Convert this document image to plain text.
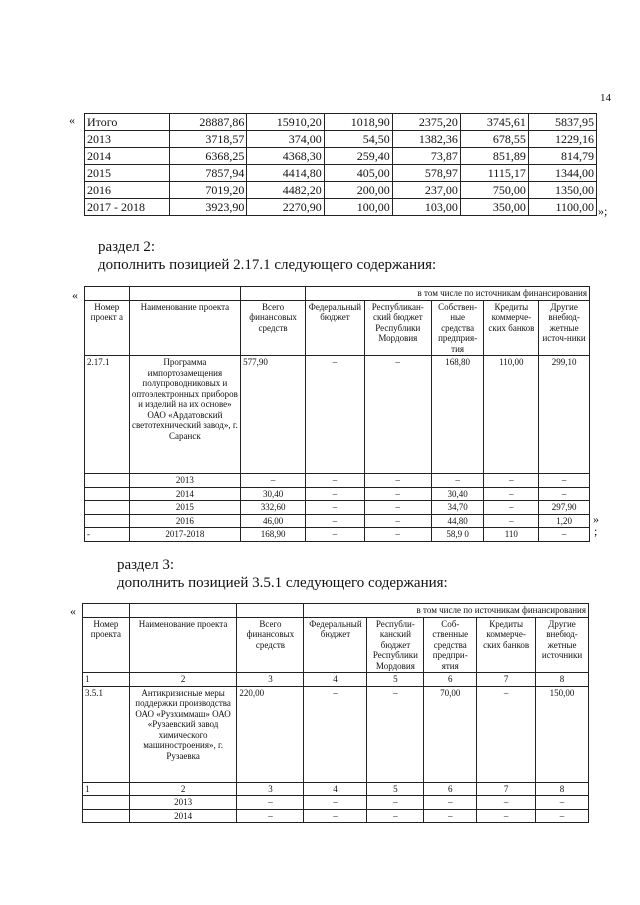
14
« Итого	28887,86	15910,20	1018,90	2375,20	3745,61	5837,95
2013	3718,57	374,00	54,50	1382,36	678,55	1229,16
2014	6368,25	4368,30	259,40	73,87	851,89	814,79
2015	7857,94	4414,80	405,00	578,97	1115,17	1344,00
2016	7019,20	4482,20	200,00	237,00	750,00	1350,00
2017 - 2018	3923,90	2270,90	100,00	103,00	350,00	1100,00 »;
раздел 2:
дополнить позицией 2.17.1 следующего содержания:
«
				в том числе по источникам финансирования				
Номер проект а	Наименование проекта	Всего финансовых средств	Федеральный бюджет	Республикан-ский бюджет Республики Мордовия	Собствен-ные средства предприя-тия	Кредиты коммерче-ских банков	Другие внебюд-жетные источ-ники
2.17.1	Программа импортозамещения полупроводниковых и оптоэлектронных приборов и изделий на их основе» ОАО «Ардатовский светотехнический завод», г. Саранск	577,90	–	–	168,80	110,00	299,10
	2013	–	–	–	–	–	–
	2014	30,40	–	–	30,40	–	–
	2015	332,60	–	–	34,70	–	297,90
	2016	46,00	–	–	44,80	–	1,20
-	2017-2018	168,90	–	–	58,9 0	110	–
»
;
раздел 3:
дополнить позицией 3.5.1 следующего содержания:
«
				в том числе по источникам финансирования				
Номер проекта	Наименование проекта	Всего финансовых средств	Федеральный бюджет	Республи-канский бюджет Республики Мордовия	Соб-ственные средства предпри-ятия	Кредиты коммерче-ских банков	Другие внебюд-жетные источники
1	2	3	4	5	6	7	8
3.5.1	Антикризисные меры поддержки производства ОАО «Рузхиммаш» ОАО «Рузаевский завод химического машиностроения», г. Рузаевка	220,00	–	–	70,00	–	150,00
1	2	3	4	5	6	7	8
	2013	–	–	–	–	–	–
	2014	–	–	–	–	–	–
